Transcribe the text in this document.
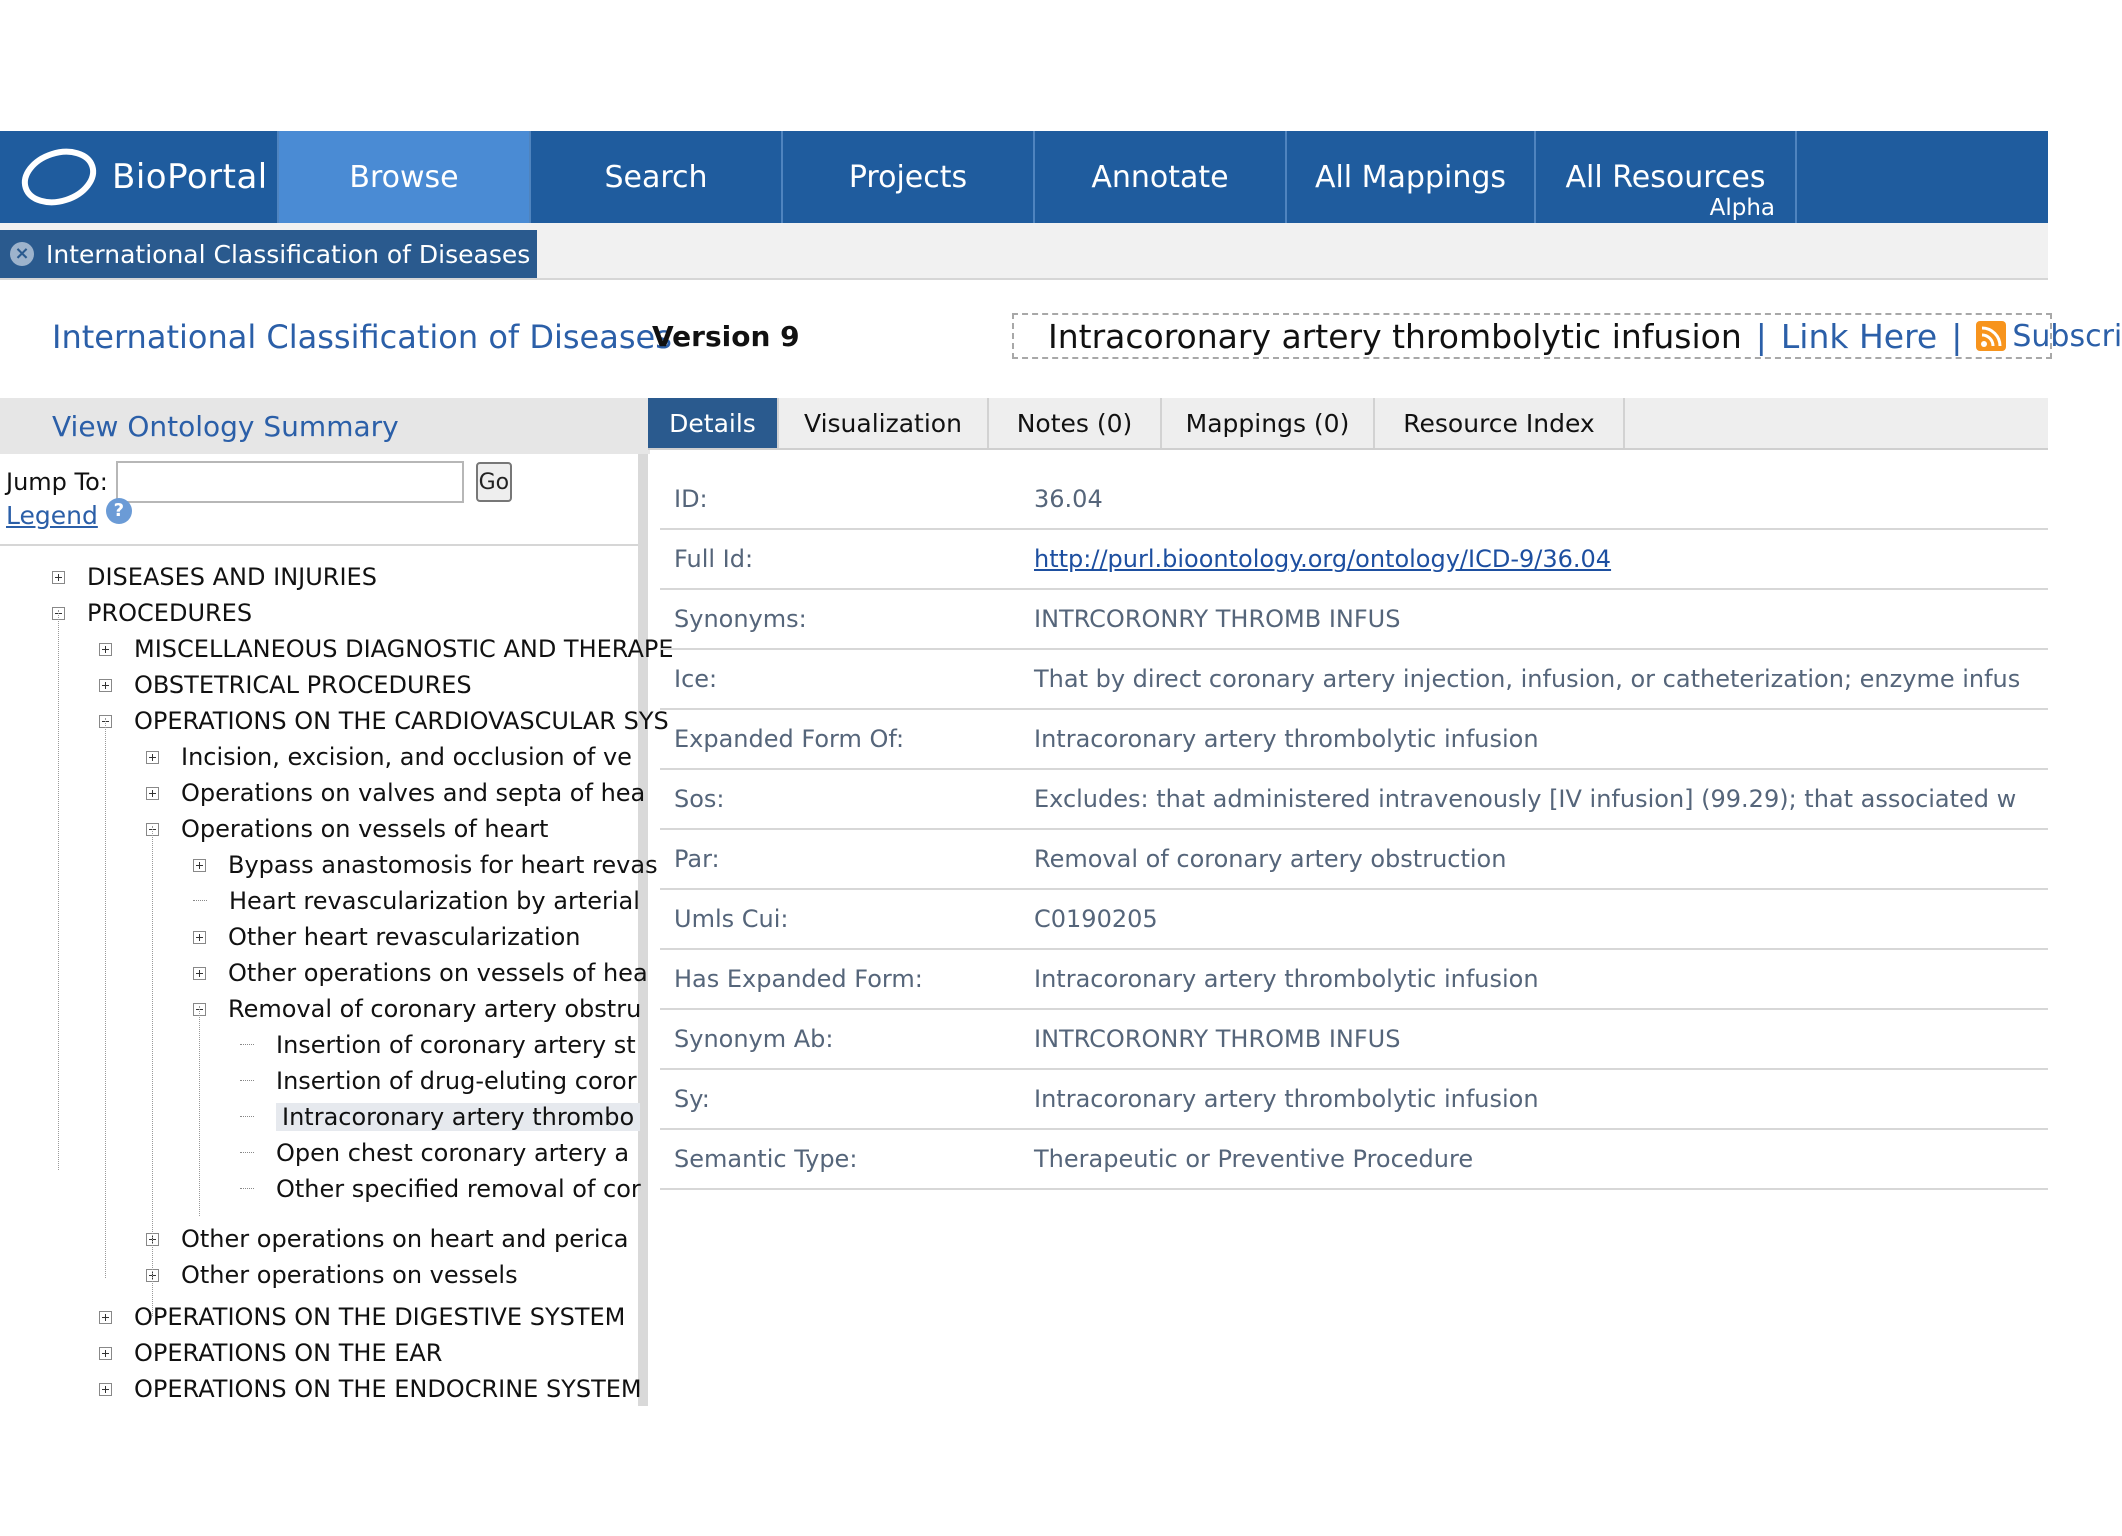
BioPortal	Browse	Search	Projects	Annotate	All Mappings All Resources
Alpha
× International Classification of Diseases
International Classification of Diseases
Version 9	Intracoronary artery thrombolytic infusion | Link Here | Subscri
View Ontology Summary
Jump To:	Go
Legend ?
DISEASES AND INJURIES
PROCEDURES
MISCELLANEOUS DIAGNOSTIC AND THERAPE
OBSTETRICAL PROCEDURES
OPERATIONS ON THE CARDIOVASCULAR SYS
Incision, excision, and occlusion of ve
Operations on valves and septa of hea
Operations on vessels of heart
Bypass anastomosis for heart revas
Heart revascularization by arterial
Other heart revascularization
Other operations on vessels of hea
Removal of coronary artery obstru
Insertion of coronary artery st
Insertion of drug-eluting coror
Intracoronary artery thrombo
Open chest coronary artery a
Other specified removal of cor
Other operations on heart and perica
Other operations on vessels
OPERATIONS ON THE DIGESTIVE SYSTEM
OPERATIONS ON THE EAR
OPERATIONS ON THE ENDOCRINE SYSTEM
Details Visualization Notes (0) Mappings (0) Resource Index
ID:	36.04
Full Id:	http://purl.bioontology.org/ontology/ICD-9/36.04
Synonyms:	INTRCORONRY THROMB INFUS
Ice:	That by direct coronary artery injection, infusion, or catheterization; enzyme infus
Expanded Form Of:	Intracoronary artery thrombolytic infusion
Sos:	Excludes: that administered intravenously [IV infusion] (99.29); that associated w
Par:	Removal of coronary artery obstruction
Umls Cui:	C0190205
Has Expanded Form:	Intracoronary artery thrombolytic infusion
Synonym Ab:	INTRCORONRY THROMB INFUS
Sy:	Intracoronary artery thrombolytic infusion
Semantic Type:	Therapeutic or Preventive Procedure
